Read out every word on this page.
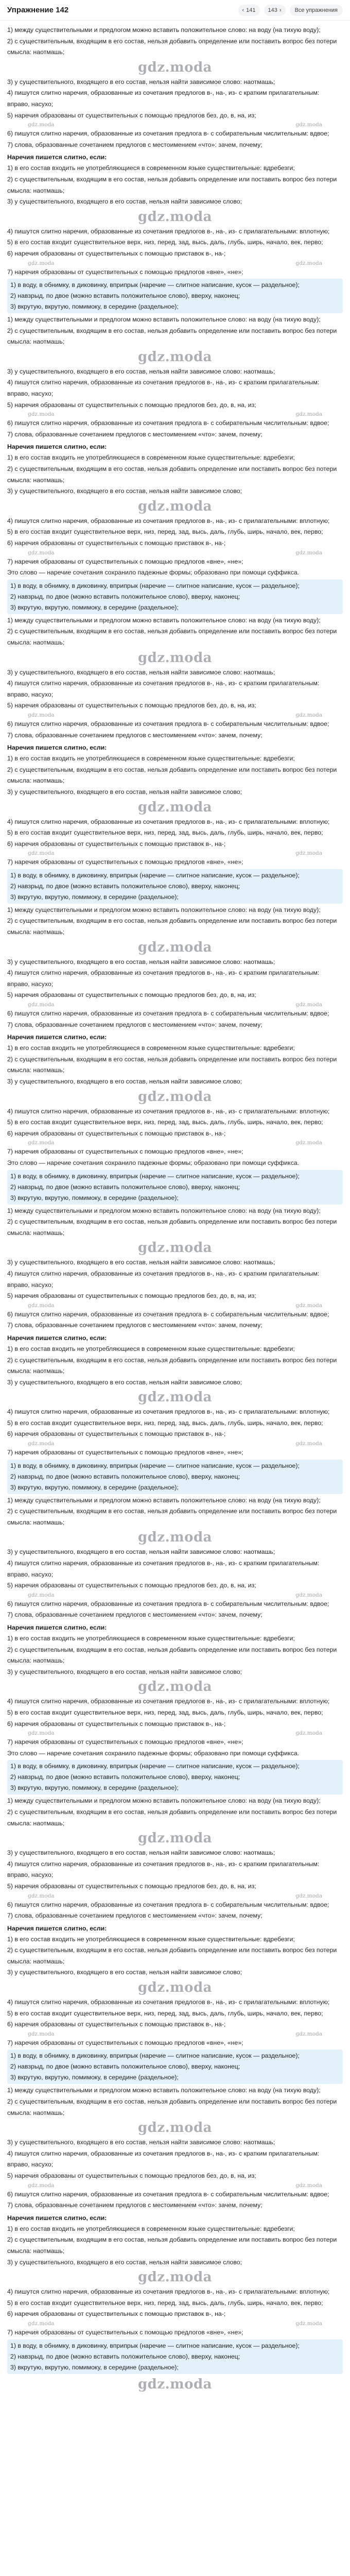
Упражнение 142	‹ 141 143 ›	Все упражнения
1) между существительными и предлогом можно вставить положительное слово: на воду (на тихую воду);
2) с существительным, входящим в его состав, нельзя добавить определение или поставить вопрос без потери смысла: наотмашь;
gdz.moda
3) у существительного, входящего в его состав, нельзя найти зависимое слово: наотмашь;
4) пишутся слитно наречия, образованные из сочетания предлогов в-, на-, из- с кратким прилагательным: вправо, насухо;
5) наречия образованы от существительных с помощью предлогов без, до, в, на, из;
gdz.moda	gdz.moda
6) пишутся слитно наречия, образованные из сочетания предлога в- с собирательным числительным: вдвое;
7) слова, образованные сочетанием предлогов с местоимением «что»: зачем, почему;
Наречия пишется слитно, если:
1) в его состав входить не употребляющиеся в современном языке существительные: вдребезги;
2) с существительным, входящим в его состав, нельзя добавить определение или поставить вопрос без потери смысла: наотмашь;
3) у существительного, входящего в его состав, нельзя найти зависимое слово;
gdz.moda
4) пишутся слитно наречия, образованные из сочетания предлогов в-, на-, из- с прилагательными: вплотную;
5) в его состав входит существительное верх, низ, перед, зад, высь, даль, глубь, ширь, начало, век, перво;
6) наречия образованы от существительных с помощью приставок в-, на-;
gdz.moda	gdz.moda
7) наречия образованы от существительных с помощью предлогов «вне», «не»;
1) в воду, в обнимку, в диковинку, вприпрык (наречие — слитное написание, кусок — раздельное);
2) навзрыд, по двое (можно вставить положительное слово), вверху, наконец;
3) вкрутую, вкрутую, помимоку, в середине (раздельное);
1) между существительными и предлогом можно вставить положительное слово: на воду (на тихую воду);
2) с существительным, входящим в его состав, нельзя добавить определение или поставить вопрос без потери смысла: наотмашь;
gdz.moda
3) у существительного, входящего в его состав, нельзя найти зависимое слово: наотмашь;
4) пишутся слитно наречия, образованные из сочетания предлогов в-, на-, из- с кратким прилагательным: вправо, насухо;
5) наречия образованы от существительных с помощью предлогов без, до, в, на, из;
gdz.moda	gdz.moda
6) пишутся слитно наречия, образованные из сочетания предлога в- с собирательным числительным: вдвое;
7) слова, образованные сочетанием предлогов с местоимением «что»: зачем, почему;
Наречия пишется слитно, если:
1) в его состав входить не употребляющиеся в современном языке существительные: вдребезги;
2) с существительным, входящим в его состав, нельзя добавить определение или поставить вопрос без потери смысла: наотмашь;
3) у существительного, входящего в его состав, нельзя найти зависимое слово;
gdz.moda
4) пишутся слитно наречия, образованные из сочетания предлогов в-, на-, из- с прилагательными: вплотную;
5) в его состав входит существительное верх, низ, перед, зад, высь, даль, глубь, ширь, начало, век, перво;
6) наречия образованы от существительных с помощью приставок в-, на-;
gdz.moda	gdz.moda
7) наречия образованы от существительных с помощью предлогов «вне», «не»;
Это слово — наречие сочетания сохранило падежные формы; образовано при помощи суффикса.
1) в воду, в обнимку, в диковинку, вприпрык (наречие — слитное написание, кусок — раздельное);
2) навзрыд, по двое (можно вставить положительное слово), вверху, наконец;
3) вкрутую, вкрутую, помимоку, в середине (раздельное);
1) между существительными и предлогом можно вставить положительное слово: на воду (на тихую воду);
2) с существительным, входящим в его состав, нельзя добавить определение или поставить вопрос без потери смысла: наотмашь;
gdz.moda
3) у существительного, входящего в его состав, нельзя найти зависимое слово: наотмашь;
4) пишутся слитно наречия, образованные из сочетания предлогов в-, на-, из- с кратким прилагательным: вправо, насухо;
5) наречия образованы от существительных с помощью предлогов без, до, в, на, из;
gdz.moda	gdz.moda
6) пишутся слитно наречия, образованные из сочетания предлога в- с собирательным числительным: вдвое;
7) слова, образованные сочетанием предлогов с местоимением «что»: зачем, почему;
Наречия пишется слитно, если:
1) в его состав входить не употребляющиеся в современном языке существительные: вдребезги;
2) с существительным, входящим в его состав, нельзя добавить определение или поставить вопрос без потери смысла: наотмашь;
3) у существительного, входящего в его состав, нельзя найти зависимое слово;
gdz.moda
4) пишутся слитно наречия, образованные из сочетания предлогов в-, на-, из- с прилагательными: вплотную;
5) в его состав входит существительное верх, низ, перед, зад, высь, даль, глубь, ширь, начало, век, перво;
6) наречия образованы от существительных с помощью приставок в-, на-;
gdz.moda	gdz.moda
7) наречия образованы от существительных с помощью предлогов «вне», «не»;
1) в воду, в обнимку, в диковинку, вприпрык (наречие — слитное написание, кусок — раздельное);
2) навзрыд, по двое (можно вставить положительное слово), вверху, наконец;
3) вкрутую, вкрутую, помимоку, в середине (раздельное);
1) между существительными и предлогом можно вставить положительное слово: на воду (на тихую воду);
2) с существительным, входящим в его состав, нельзя добавить определение или поставить вопрос без потери смысла: наотмашь;
gdz.moda
3) у существительного, входящего в его состав, нельзя найти зависимое слово: наотмашь;
4) пишутся слитно наречия, образованные из сочетания предлогов в-, на-, из- с кратким прилагательным: вправо, насухо;
5) наречия образованы от существительных с помощью предлогов без, до, в, на, из;
gdz.moda	gdz.moda
6) пишутся слитно наречия, образованные из сочетания предлога в- с собирательным числительным: вдвое;
7) слова, образованные сочетанием предлогов с местоимением «что»: зачем, почему;
Наречия пишется слитно, если:
1) в его состав входить не употребляющиеся в современном языке существительные: вдребезги;
2) с существительным, входящим в его состав, нельзя добавить определение или поставить вопрос без потери смысла: наотмашь;
3) у существительного, входящего в его состав, нельзя найти зависимое слово;
gdz.moda
4) пишутся слитно наречия, образованные из сочетания предлогов в-, на-, из- с прилагательными: вплотную;
5) в его состав входит существительное верх, низ, перед, зад, высь, даль, глубь, ширь, начало, век, перво;
6) наречия образованы от существительных с помощью приставок в-, на-;
gdz.moda	gdz.moda
7) наречия образованы от существительных с помощью предлогов «вне», «не»;
Это слово — наречие сочетания сохранило падежные формы; образовано при помощи суффикса.
1) в воду, в обнимку, в диковинку, вприпрык (наречие — слитное написание, кусок — раздельное);
2) навзрыд, по двое (можно вставить положительное слово), вверху, наконец;
3) вкрутую, вкрутую, помимоку, в середине (раздельное);
1) между существительными и предлогом можно вставить положительное слово: на воду (на тихую воду);
2) с существительным, входящим в его состав, нельзя добавить определение или поставить вопрос без потери смысла: наотмашь;
gdz.moda
3) у существительного, входящего в его состав, нельзя найти зависимое слово: наотмашь;
4) пишутся слитно наречия, образованные из сочетания предлогов в-, на-, из- с кратким прилагательным: вправо, насухо;
5) наречия образованы от существительных с помощью предлогов без, до, в, на, из;
gdz.moda	gdz.moda
6) пишутся слитно наречия, образованные из сочетания предлога в- с собирательным числительным: вдвое;
7) слова, образованные сочетанием предлогов с местоимением «что»: зачем, почему;
Наречия пишется слитно, если:
1) в его состав входить не употребляющиеся в современном языке существительные: вдребезги;
2) с существительным, входящим в его состав, нельзя добавить определение или поставить вопрос без потери смысла: наотмашь;
3) у существительного, входящего в его состав, нельзя найти зависимое слово;
gdz.moda
4) пишутся слитно наречия, образованные из сочетания предлогов в-, на-, из- с прилагательными: вплотную;
5) в его состав входит существительное верх, низ, перед, зад, высь, даль, глубь, ширь, начало, век, перво;
6) наречия образованы от существительных с помощью приставок в-, на-;
gdz.moda	gdz.moda
7) наречия образованы от существительных с помощью предлогов «вне», «не»;
1) в воду, в обнимку, в диковинку, вприпрык (наречие — слитное написание, кусок — раздельное);
2) навзрыд, по двое (можно вставить положительное слово), вверху, наконец;
3) вкрутую, вкрутую, помимоку, в середине (раздельное);
1) между существительными и предлогом можно вставить положительное слово: на воду (на тихую воду);
2) с существительным, входящим в его состав, нельзя добавить определение или поставить вопрос без потери смысла: наотмашь;
gdz.moda
3) у существительного, входящего в его состав, нельзя найти зависимое слово: наотмашь;
4) пишутся слитно наречия, образованные из сочетания предлогов в-, на-, из- с кратким прилагательным: вправо, насухо;
5) наречия образованы от существительных с помощью предлогов без, до, в, на, из;
gdz.moda	gdz.moda
6) пишутся слитно наречия, образованные из сочетания предлога в- с собирательным числительным: вдвое;
7) слова, образованные сочетанием предлогов с местоимением «что»: зачем, почему;
Наречия пишется слитно, если:
1) в его состав входить не употребляющиеся в современном языке существительные: вдребезги;
2) с существительным, входящим в его состав, нельзя добавить определение или поставить вопрос без потери смысла: наотмашь;
3) у существительного, входящего в его состав, нельзя найти зависимое слово;
gdz.moda
4) пишутся слитно наречия, образованные из сочетания предлогов в-, на-, из- с прилагательными: вплотную;
5) в его состав входит существительное верх, низ, перед, зад, высь, даль, глубь, ширь, начало, век, перво;
6) наречия образованы от существительных с помощью приставок в-, на-;
gdz.moda	gdz.moda
7) наречия образованы от существительных с помощью предлогов «вне», «не»;
Это слово — наречие сочетания сохранило падежные формы; образовано при помощи суффикса.
1) в воду, в обнимку, в диковинку, вприпрык (наречие — слитное написание, кусок — раздельное);
2) навзрыд, по двое (можно вставить положительное слово), вверху, наконец;
3) вкрутую, вкрутую, помимоку, в середине (раздельное);
1) между существительными и предлогом можно вставить положительное слово: на воду (на тихую воду);
2) с существительным, входящим в его состав, нельзя добавить определение или поставить вопрос без потери смысла: наотмашь;
gdz.moda
3) у существительного, входящего в его состав, нельзя найти зависимое слово: наотмашь;
4) пишутся слитно наречия, образованные из сочетания предлогов в-, на-, из- с кратким прилагательным: вправо, насухо;
5) наречия образованы от существительных с помощью предлогов без, до, в, на, из;
gdz.moda	gdz.moda
6) пишутся слитно наречия, образованные из сочетания предлога в- с собирательным числительным: вдвое;
7) слова, образованные сочетанием предлогов с местоимением «что»: зачем, почему;
Наречия пишется слитно, если:
1) в его состав входить не употребляющиеся в современном языке существительные: вдребезги;
2) с существительным, входящим в его состав, нельзя добавить определение или поставить вопрос без потери смысла: наотмашь;
3) у существительного, входящего в его состав, нельзя найти зависимое слово;
gdz.moda
4) пишутся слитно наречия, образованные из сочетания предлогов в-, на-, из- с прилагательными: вплотную;
5) в его состав входит существительное верх, низ, перед, зад, высь, даль, глубь, ширь, начало, век, перво;
6) наречия образованы от существительных с помощью приставок в-, на-;
gdz.moda	gdz.moda
7) наречия образованы от существительных с помощью предлогов «вне», «не»;
1) в воду, в обнимку, в диковинку, вприпрык (наречие — слитное написание, кусок — раздельное);
2) навзрыд, по двое (можно вставить положительное слово), вверху, наконец;
3) вкрутую, вкрутую, помимоку, в середине (раздельное);
1) между существительными и предлогом можно вставить положительное слово: на воду (на тихую воду);
2) с существительным, входящим в его состав, нельзя добавить определение или поставить вопрос без потери смысла: наотмашь;
gdz.moda
3) у существительного, входящего в его состав, нельзя найти зависимое слово: наотмашь;
4) пишутся слитно наречия, образованные из сочетания предлогов в-, на-, из- с кратким прилагательным: вправо, насухо;
5) наречия образованы от существительных с помощью предлогов без, до, в, на, из;
gdz.moda	gdz.moda
6) пишутся слитно наречия, образованные из сочетания предлога в- с собирательным числительным: вдвое;
7) слова, образованные сочетанием предлогов с местоимением «что»: зачем, почему;
Наречия пишется слитно, если:
1) в его состав входить не употребляющиеся в современном языке существительные: вдребезги;
2) с существительным, входящим в его состав, нельзя добавить определение или поставить вопрос без потери смысла: наотмашь;
3) у существительного, входящего в его состав, нельзя найти зависимое слово;
gdz.moda
4) пишутся слитно наречия, образованные из сочетания предлогов в-, на-, из- с прилагательными: вплотную;
5) в его состав входит существительное верх, низ, перед, зад, высь, даль, глубь, ширь, начало, век, перво;
6) наречия образованы от существительных с помощью приставок в-, на-;
gdz.moda	gdz.moda
7) наречия образованы от существительных с помощью предлогов «вне», «не»;
1) в воду, в обнимку, в диковинку, вприпрык (наречие — слитное написание, кусок — раздельное);
2) навзрыд, по двое (можно вставить положительное слово), вверху, наконец;
3) вкрутую, вкрутую, помимоку, в середине (раздельное);
gdz.moda
